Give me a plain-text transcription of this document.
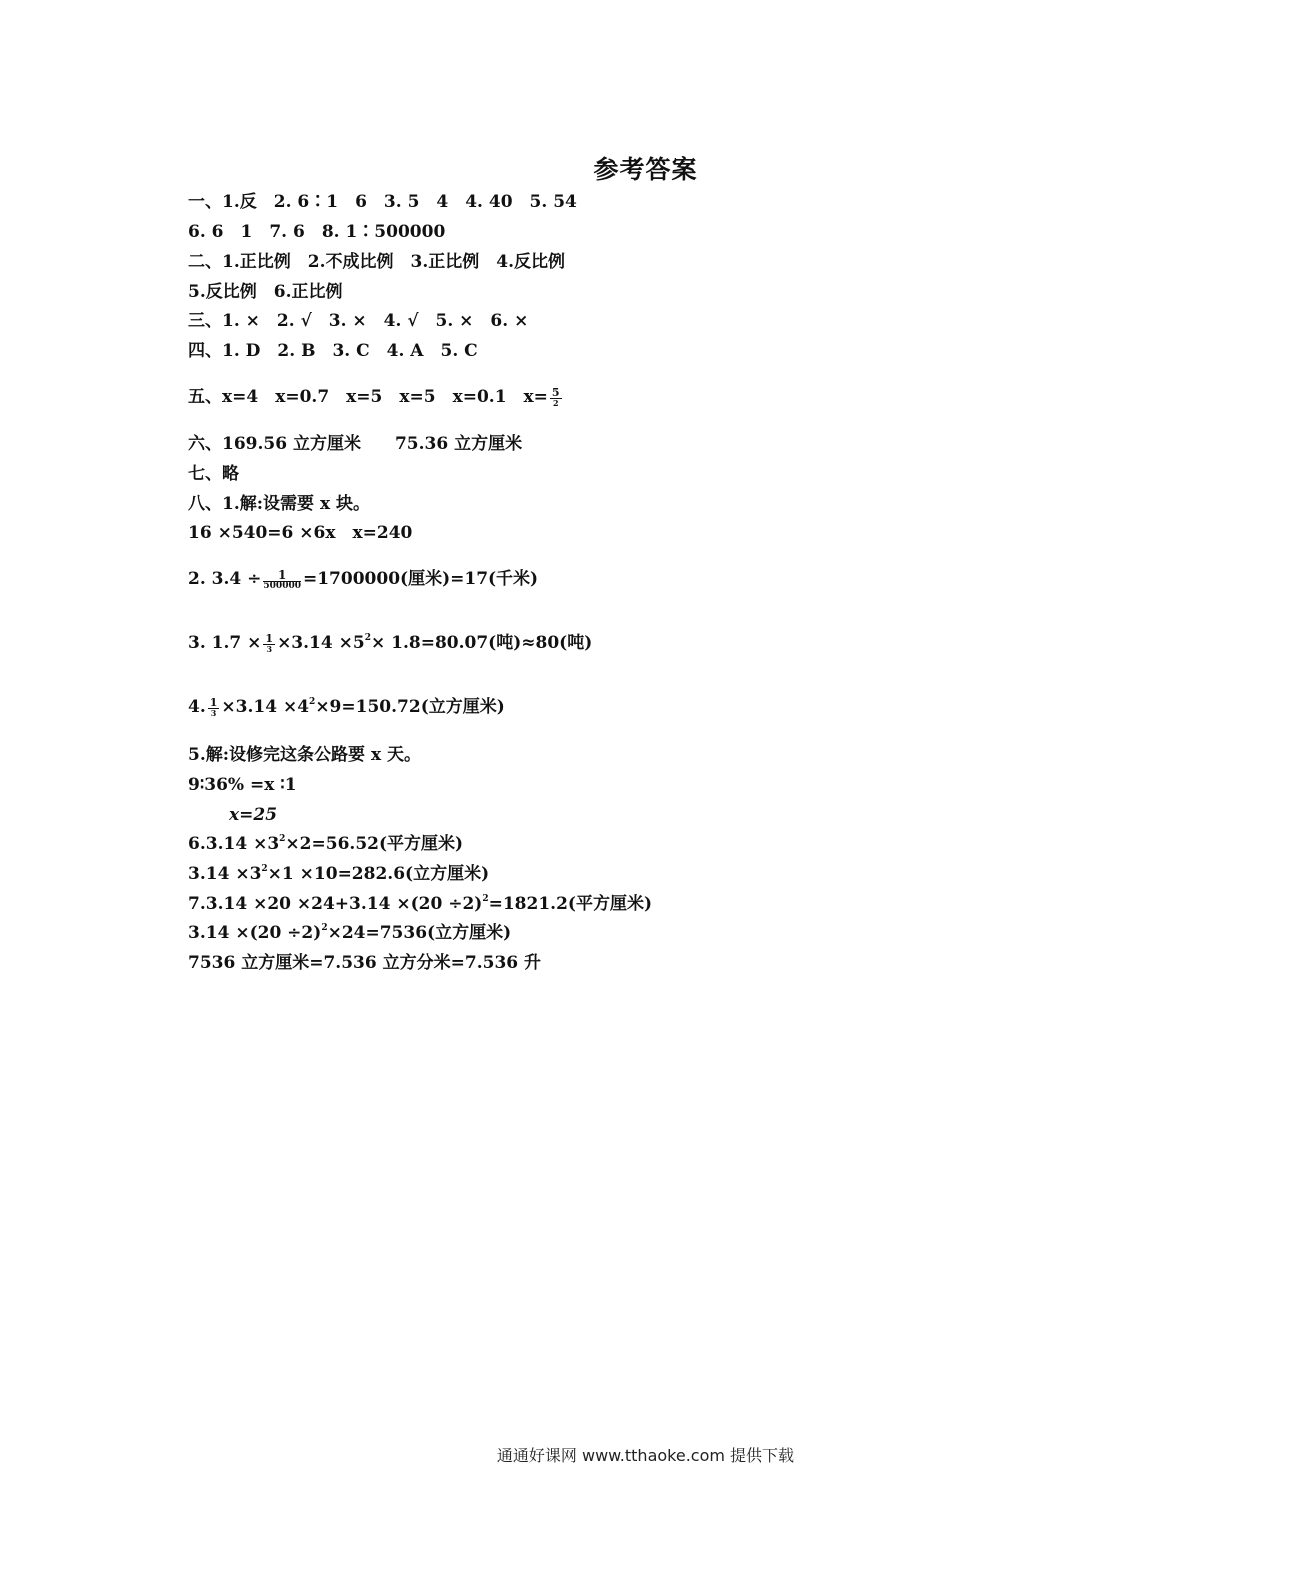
参考答案
一、1.反　2. 6∶1　6　3. 5　4　4. 40　5. 54
6. 6　1　7. 6　8. 1∶500000
二、1.正比例　2.不成比例　3.正比例　4.反比例
5.反比例　6.正比例
三、1. ×　2. √　3. ×　4. √　5. ×　6. ×
四、1. D　2. B　3. C　4. A　5. C
五、x=4　x=0.7　x=5　x=5　x=0.1　$x= \frac{5}{2}$
六、169.56 立方厘米　　75.36 立方厘米
七、略
八、1.解:设需要 x 块。
16 ×540=6 ×6x　x=240
2. $3.4 \div \frac{1}{500000} =1700000$(厘米)=17(千米)
3. $1.7 \times \frac{1}{3} \times 3.14 \times 5^2\times 1.8=80.07$(吨)≈80(吨)
4. $\frac{1}{3} \times 3.14 \times 4^2\times 9=150.72$(立方厘米)
5.解:设修完这条公路要 x 天。
9∶36% =x ∶1
x=25
$6.3.14 \times 3^2\times 2=56.52$(平方厘米)
$3.14 \times 3^2\times 1 \times 10=282.6$(立方厘米)
$7.3.14 \times 20 \times 24+3.14 \times(20 \div 2)^2=1821.2$(平方厘米)
$3.14 \times(20 \div 2)^2\times 24=7536$(立方厘米)
7536 立方厘米=7.536 立方分米=7.536 升
通通好课网 www.tthaoke.com 提供下载
